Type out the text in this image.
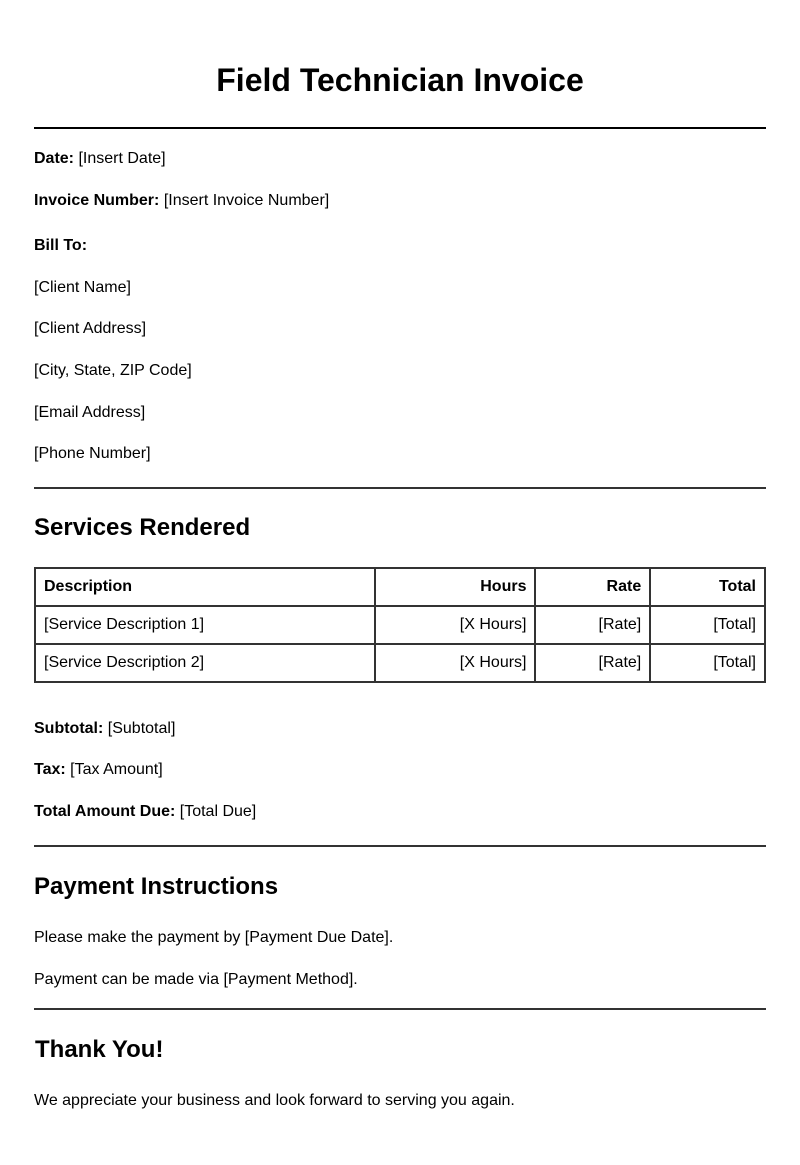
Field Technician Invoice
Date: [Insert Date]
Invoice Number: [Insert Invoice Number]
Bill To:
[Client Name]
[Client Address]
[City, State, ZIP Code]
[Email Address]
[Phone Number]
Services Rendered
Description	Hours	Rate	Total
[Service Description 1]	[X Hours]	[Rate]	[Total]
[Service Description 2]	[X Hours]	[Rate]	[Total]
Subtotal: [Subtotal]
Tax: [Tax Amount]
Total Amount Due: [Total Due]
Payment Instructions
Please make the payment by [Payment Due Date].
Payment can be made via [Payment Method].
Thank You!
We appreciate your business and look forward to serving you again.
